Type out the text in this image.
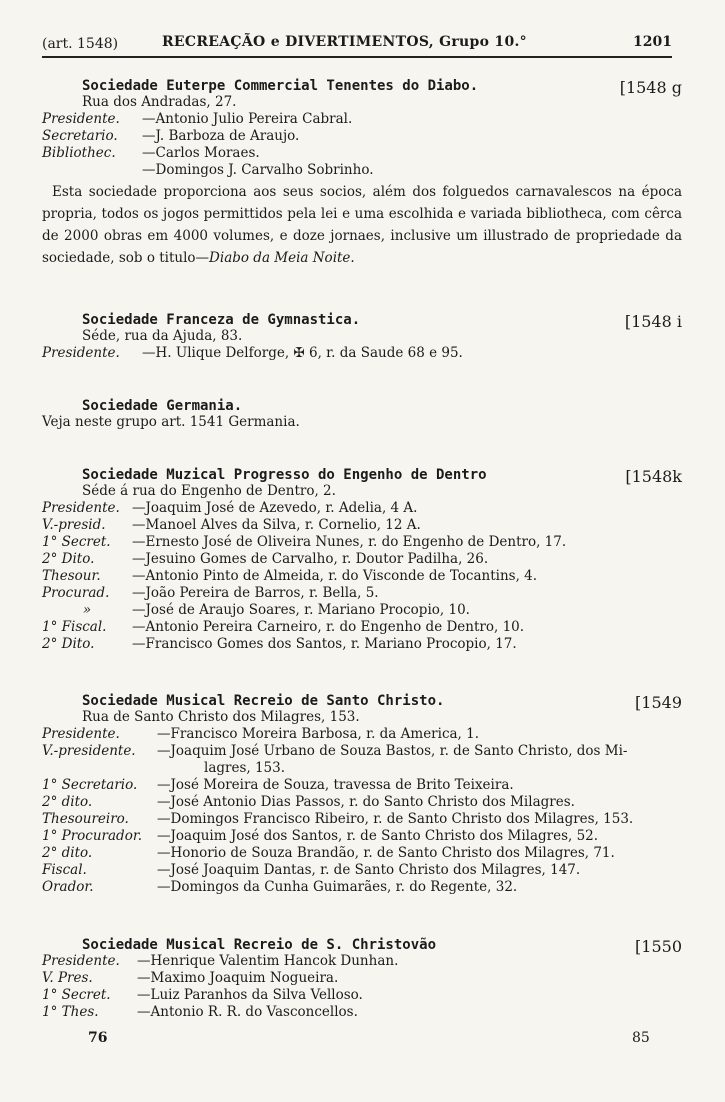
(art. 1548)	RECREAÇÃO e DIVERTIMENTOS, Grupo 10.°	1201
Sociedade Euterpe Commercial Tenentes do Diabo.	[1548 g
Rua dos Andradas, 27.
Presidente. —Antonio Julio Pereira Cabral.
Secretario. —J. Barboza de Araujo.
Bibliothec. —Carlos Moraes.
—Domingos J. Carvalho Sobrinho.
Esta sociedade proporciona aos seus socios, além dos folguedos carnavalescos na época propria, todos os jogos permittidos pela lei e uma escolhida e variada bibliotheca, com cêrca de 2000 obras em 4000 volumes, e doze jornaes, inclusive um illustrado de propriedade da sociedade, sob o titulo—Diabo da Meia Noite.
Sociedade Franceza de Gymnastica.	[1548 i
Séde, rua da Ajuda, 83.
Presidente. —H. Ulique Delforge, ✠ 6, r. da Saude 68 e 95.
Sociedade Germania.
Veja neste grupo art. 1541 Germania.
Sociedade Muzical Progresso do Engenho de Dentro	[1548k
Séde á rua do Engenho de Dentro, 2.
Presidente. —Joaquim José de Azevedo, r. Adelia, 4 A.
V.-presid. —Manoel Alves da Silva, r. Cornelio, 12 A.
1° Secret. —Ernesto José de Oliveira Nunes, r. do Engenho de Dentro, 17.
2° Dito.	—Jesuino Gomes de Carvalho, r. Doutor Padilha, 26.
Thesour. —Antonio Pinto de Almeida, r. do Visconde de Tocantins, 4.
Procurad. —João Pereira de Barros, r. Bella, 5.
»	—José de Araujo Soares, r. Mariano Procopio, 10.
1° Fiscal. —Antonio Pereira Carneiro, r. do Engenho de Dentro, 10.
2° Dito.	—Francisco Gomes dos Santos, r. Mariano Procopio, 17.
Sociedade Musical Recreio de Santo Christo.	[1549
Rua de Santo Christo dos Milagres, 153.
Presidente.	—Francisco Moreira Barbosa, r. da America, 1.
V.-presidente. —Joaquim José Urbano de Souza Bastos, r. de Santo Christo, dos Mi-
lagres, 153.
1° Secretario. —José Moreira de Souza, travessa de Brito Teixeira.
2° dito.	—José Antonio Dias Passos, r. do Santo Christo dos Milagres.
Thesoureiro. —Domingos Francisco Ribeiro, r. de Santo Christo dos Milagres, 153.
1° Procurador. —Joaquim José dos Santos, r. de Santo Christo dos Milagres, 52.
2° dito.	—Honorio de Souza Brandão, r. de Santo Christo dos Milagres, 71.
Fiscal.	—José Joaquim Dantas, r. de Santo Christo dos Milagres, 147.
Orador.	—Domingos da Cunha Guimarães, r. do Regente, 32.
Sociedade Musical Recreio de S. Christovão	[1550
Presidente. —Henrique Valentim Hancok Dunhan.
V. Pres.	—Maximo Joaquim Nogueira.
1° Secret. —Luiz Paranhos da Silva Velloso.
1° Thes.	—Antonio R. R. do Vasconcellos.
76	85
